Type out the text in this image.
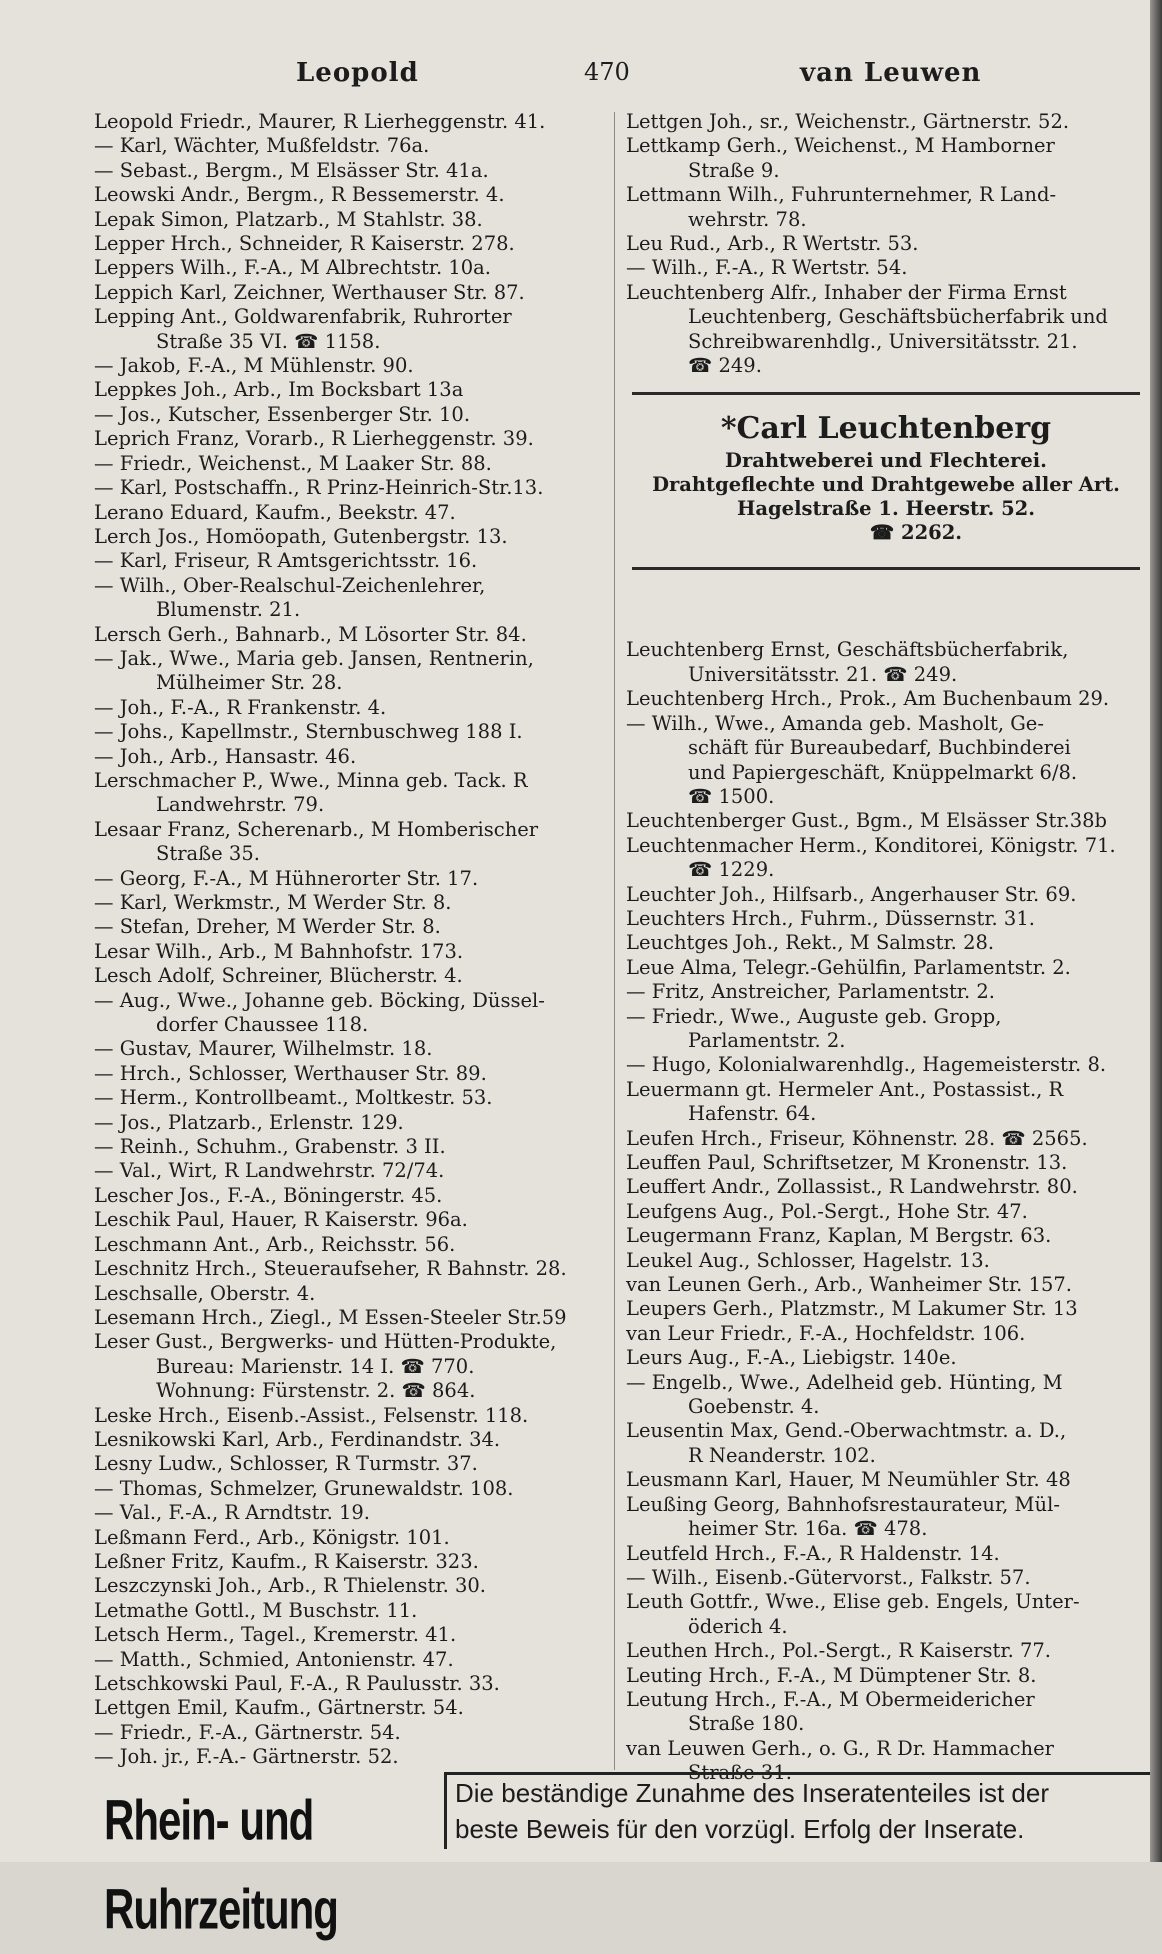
Leopold	470	van Leuwen
Leopold Friedr., Maurer, R Lierheggenstr. 41.
— Karl, Wächter, Mußfeldstr. 76a.
— Sebast., Bergm., M Elsässer Str. 41a.
Leowski Andr., Bergm., R Bessemerstr. 4.
Lepak Simon, Platzarb., M Stahlstr. 38.
Lepper Hrch., Schneider, R Kaiserstr. 278.
Leppers Wilh., F.-A., M Albrechtstr. 10a.
Leppich Karl, Zeichner, Werthauser Str. 87.
Lepping Ant., Goldwarenfabrik, Ruhrorter
Straße 35 VI. ☎ 1158.
— Jakob, F.-A., M Mühlenstr. 90.
Leppkes Joh., Arb., Im Bocksbart 13a
— Jos., Kutscher, Essenberger Str. 10.
Leprich Franz, Vorarb., R Lierheggenstr. 39.
— Friedr., Weichenst., M Laaker Str. 88.
— Karl, Postschaffn., R Prinz-Heinrich-Str.13.
Lerano Eduard, Kaufm., Beekstr. 47.
Lerch Jos., Homöopath, Gutenbergstr. 13.
— Karl, Friseur, R Amtsgerichtsstr. 16.
— Wilh., Ober-Realschul-Zeichenlehrer,
Blumenstr. 21.
Lersch Gerh., Bahnarb., M Lösorter Str. 84.
— Jak., Wwe., Maria geb. Jansen, Rentnerin,
Mülheimer Str. 28.
— Joh., F.-A., R Frankenstr. 4.
— Johs., Kapellmstr., Sternbuschweg 188 I.
— Joh., Arb., Hansastr. 46.
Lerschmacher P., Wwe., Minna geb. Tack. R
Landwehrstr. 79.
Lesaar Franz, Scherenarb., M Homberischer
Straße 35.
— Georg, F.-A., M Hühnerorter Str. 17.
— Karl, Werkmstr., M Werder Str. 8.
— Stefan, Dreher, M Werder Str. 8.
Lesar Wilh., Arb., M Bahnhofstr. 173.
Lesch Adolf, Schreiner, Blücherstr. 4.
— Aug., Wwe., Johanne geb. Böcking, Düssel-
dorfer Chaussee 118.
— Gustav, Maurer, Wilhelmstr. 18.
— Hrch., Schlosser, Werthauser Str. 89.
— Herm., Kontrollbeamt., Moltkestr. 53.
— Jos., Platzarb., Erlenstr. 129.
— Reinh., Schuhm., Grabenstr. 3 II.
— Val., Wirt, R Landwehrstr. 72/74.
Lescher Jos., F.-A., Böningerstr. 45.
Leschik Paul, Hauer, R Kaiserstr. 96a.
Leschmann Ant., Arb., Reichsstr. 56.
Leschnitz Hrch., Steueraufseher, R Bahnstr. 28.
Leschsalle, Oberstr. 4.
Lesemann Hrch., Ziegl., M Essen-Steeler Str.59
Leser Gust., Bergwerks- und Hütten-Produkte,
Bureau: Marienstr. 14 I. ☎ 770.
Wohnung: Fürstenstr. 2. ☎ 864.
Leske Hrch., Eisenb.-Assist., Felsenstr. 118.
Lesnikowski Karl, Arb., Ferdinandstr. 34.
Lesny Ludw., Schlosser, R Turmstr. 37.
— Thomas, Schmelzer, Grunewaldstr. 108.
— Val., F.-A., R Arndtstr. 19.
Leßmann Ferd., Arb., Königstr. 101.
Leßner Fritz, Kaufm., R Kaiserstr. 323.
Leszczynski Joh., Arb., R Thielenstr. 30.
Letmathe Gottl., M Buschstr. 11.
Letsch Herm., Tagel., Kremerstr. 41.
— Matth., Schmied, Antonienstr. 47.
Letschkowski Paul, F.-A., R Paulusstr. 33.
Lettgen Emil, Kaufm., Gärtnerstr. 54.
— Friedr., F.-A., Gärtnerstr. 54.
— Joh. jr., F.-A.- Gärtnerstr. 52.
Lettgen Joh., sr., Weichenstr., Gärtnerstr. 52.
Lettkamp Gerh., Weichenst., M Hamborner
Straße 9.
Lettmann Wilh., Fuhrunternehmer, R Land-
wehrstr. 78.
Leu Rud., Arb., R Wertstr. 53.
— Wilh., F.-A., R Wertstr. 54.
Leuchtenberg Alfr., Inhaber der Firma Ernst
Leuchtenberg, Geschäftsbücherfabrik und
Schreibwarenhdlg., Universitätsstr. 21.
☎ 249.
*Carl Leuchtenberg
Drahtweberei und Flechterei.
Drahtgeflechte und Drahtgewebe aller Art.
Hagelstraße 1. Heerstr. 52.
☎ 2262.
Leuchtenberg Ernst, Geschäftsbücherfabrik,
Universitätsstr. 21. ☎ 249.
Leuchtenberg Hrch., Prok., Am Buchenbaum 29.
— Wilh., Wwe., Amanda geb. Masholt, Ge-
schäft für Bureaubedarf, Buchbinderei
und Papiergeschäft, Knüppelmarkt 6/8.
☎ 1500.
Leuchtenberger Gust., Bgm., M Elsässer Str.38b
Leuchtenmacher Herm., Konditorei, Königstr. 71.
☎ 1229.
Leuchter Joh., Hilfsarb., Angerhauser Str. 69.
Leuchters Hrch., Fuhrm., Düssernstr. 31.
Leuchtges Joh., Rekt., M Salmstr. 28.
Leue Alma, Telegr.-Gehülfin, Parlamentstr. 2.
— Fritz, Anstreicher, Parlamentstr. 2.
— Friedr., Wwe., Auguste geb. Gropp,
Parlamentstr. 2.
— Hugo, Kolonialwarenhdlg., Hagemeisterstr. 8.
Leuermann gt. Hermeler Ant., Postassist., R
Hafenstr. 64.
Leufen Hrch., Friseur, Köhnenstr. 28. ☎ 2565.
Leuffen Paul, Schriftsetzer, M Kronenstr. 13.
Leuffert Andr., Zollassist., R Landwehrstr. 80.
Leufgens Aug., Pol.-Sergt., Hohe Str. 47.
Leugermann Franz, Kaplan, M Bergstr. 63.
Leukel Aug., Schlosser, Hagelstr. 13.
van Leunen Gerh., Arb., Wanheimer Str. 157.
Leupers Gerh., Platzmstr., M Lakumer Str. 13
van Leur Friedr., F.-A., Hochfeldstr. 106.
Leurs Aug., F.-A., Liebigstr. 140e.
— Engelb., Wwe., Adelheid geb. Hünting, M
Goebenstr. 4.
Leusentin Max, Gend.-Oberwachtmstr. a. D.,
R Neanderstr. 102.
Leusmann Karl, Hauer, M Neumühler Str. 48
Leußing Georg, Bahnhofsrestaurateur, Mül-
heimer Str. 16a. ☎ 478.
Leutfeld Hrch., F.-A., R Haldenstr. 14.
— Wilh., Eisenb.-Gütervorst., Falkstr. 57.
Leuth Gottfr., Wwe., Elise geb. Engels, Unter-
öderich 4.
Leuthen Hrch., Pol.-Sergt., R Kaiserstr. 77.
Leuting Hrch., F.-A., M Dümptener Str. 8.
Leutung Hrch., F.-A., M Obermeidericher
Straße 180.
van Leuwen Gerh., o. G., R Dr. Hammacher
Straße 31.
Rhein- und Ruhrzeitung
Die beständige Zunahme des Inseratenteiles ist der
beste Beweis für den vorzügl. Erfolg der Inserate.
